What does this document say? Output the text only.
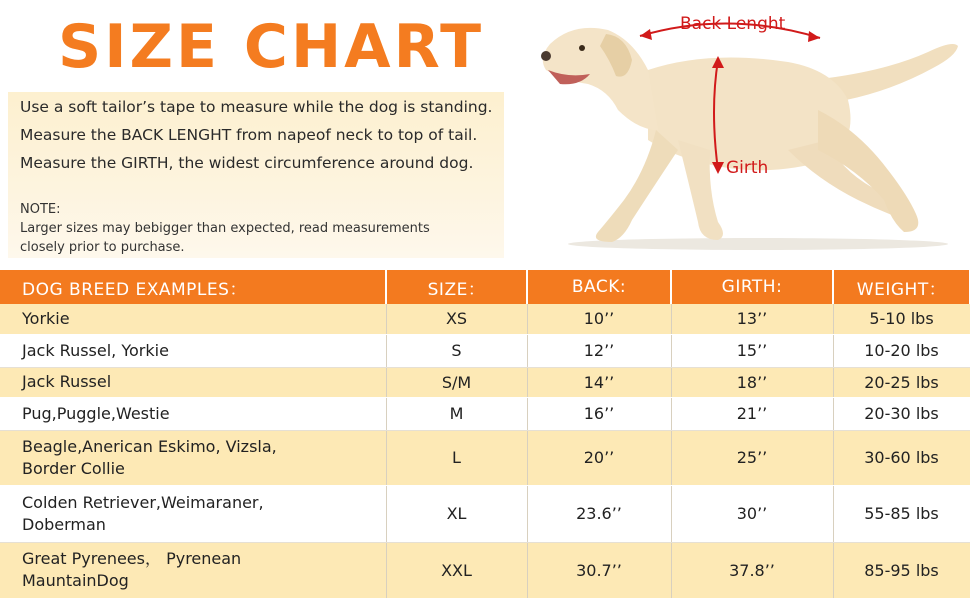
SIZE CHART
Use a soft tailor’s tape to measure while the dog is standing.
Measure the BACK LENGHT from napeof neck to top of tail.
Measure the GIRTH, the widest circumference around dog.
NOTE:
Larger sizes may bebigger than expected, read measurements
closely prior to purchase.
Back Lenght
Girth
DOG BREED EXAMPLES：	SIZE：	BACK:	GIRTH:	WEIGHT：
Yorkie	XS	10’’	13’’	5-10 lbs
Jack Russel, Yorkie	S	12’’	15’’	10-20 lbs
Jack Russel	S/M	14’’	18’’	20-25 lbs
Pug,Puggle,Westie	M	16’’	21’’	20-30 lbs

Beagle,Anerican Eskimo, Vizsla,
Border Collie	L	20’’	25’’	30-60 lbs

Colden Retriever,Weimaraner,
Doberman	XL	23.6’’	30’’	55-85 lbs

Great Pyrenees， Pyrenean
MauntainDog	XXL	30.7’’	37.8’’	85-95 lbs
